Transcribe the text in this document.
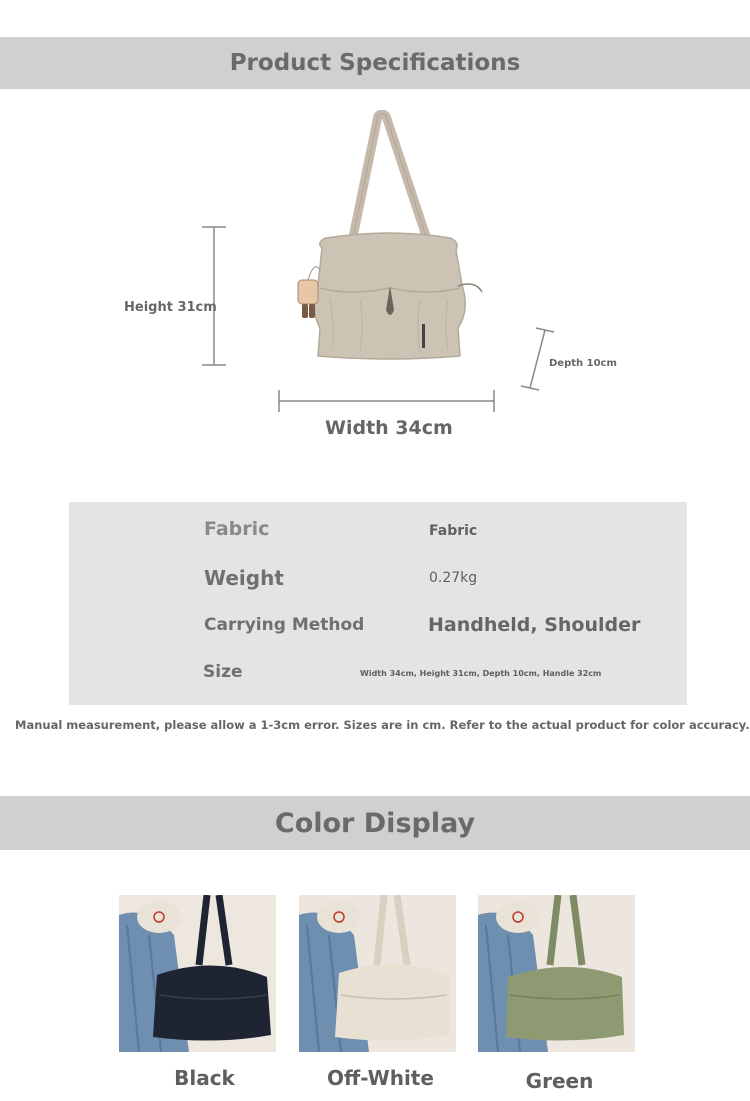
Product Specifications
Height 31cm
Width 34cm
Depth 10cm
Fabric	Fabric
Weight	0.27kg
Carrying Method	Handheld, Shoulder
Size	Width 34cm, Height 31cm, Depth 10cm, Handle 32cm
Manual measurement, please allow a 1-3cm error. Sizes are in cm. Refer to the actual product for color accuracy.
Color Display
Black	Off-White	Green
